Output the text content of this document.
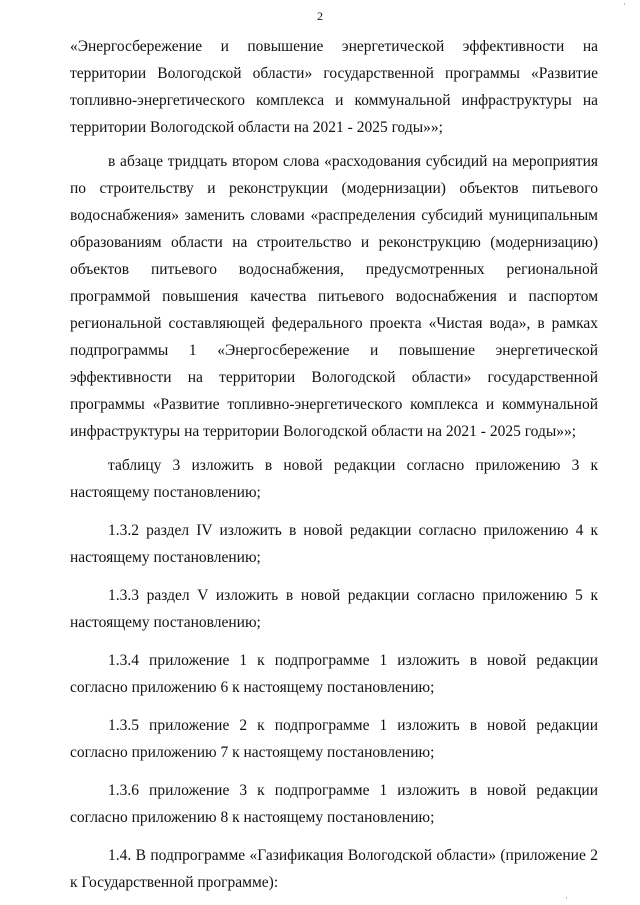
2

«Энергосбережение и повышение энергетической эффективности на территории Вологодской области» государственной программы «Развитие топливно-энергетического комплекса и коммунальной инфраструктуры на территории Вологодской области на 2021 - 2025 годы»»;

в абзаце тридцать втором слова «расходования субсидий на мероприятия по строительству и реконструкции (модернизации) объектов питьевого водоснабжения» заменить словами «распределения субсидий муниципальным образованиям области на строительство и реконструкцию (модернизацию) объектов питьевого водоснабжения, предусмотренных региональной программой повышения качества питьевого водоснабжения и паспортом региональной составляющей федерального проекта «Чистая вода», в рамках подпрограммы 1 «Энергосбережение и повышение энергетической эффективности на территории Вологодской области» государственной программы «Развитие топливно-энергетического комплекса и коммунальной инфраструктуры на территории Вологодской области на 2021 - 2025 годы»»;

таблицу 3 изложить в новой редакции согласно приложению 3 к настоящему постановлению;

1.3.2 раздел IV изложить в новой редакции согласно приложению 4 к настоящему постановлению;

1.3.3 раздел V изложить в новой редакции согласно приложению 5 к настоящему постановлению;

1.3.4 приложение 1 к подпрограмме 1 изложить в новой редакции согласно приложению 6 к настоящему постановлению;

1.3.5 приложение 2 к подпрограмме 1 изложить в новой редакции согласно приложению 7 к настоящему постановлению;

1.3.6 приложение 3 к подпрограмме 1 изложить в новой редакции согласно приложению 8 к настоящему постановлению;

1.4. В подпрограмме «Газификация Вологодской области» (приложение 2 к Государственной программе):

·
·
